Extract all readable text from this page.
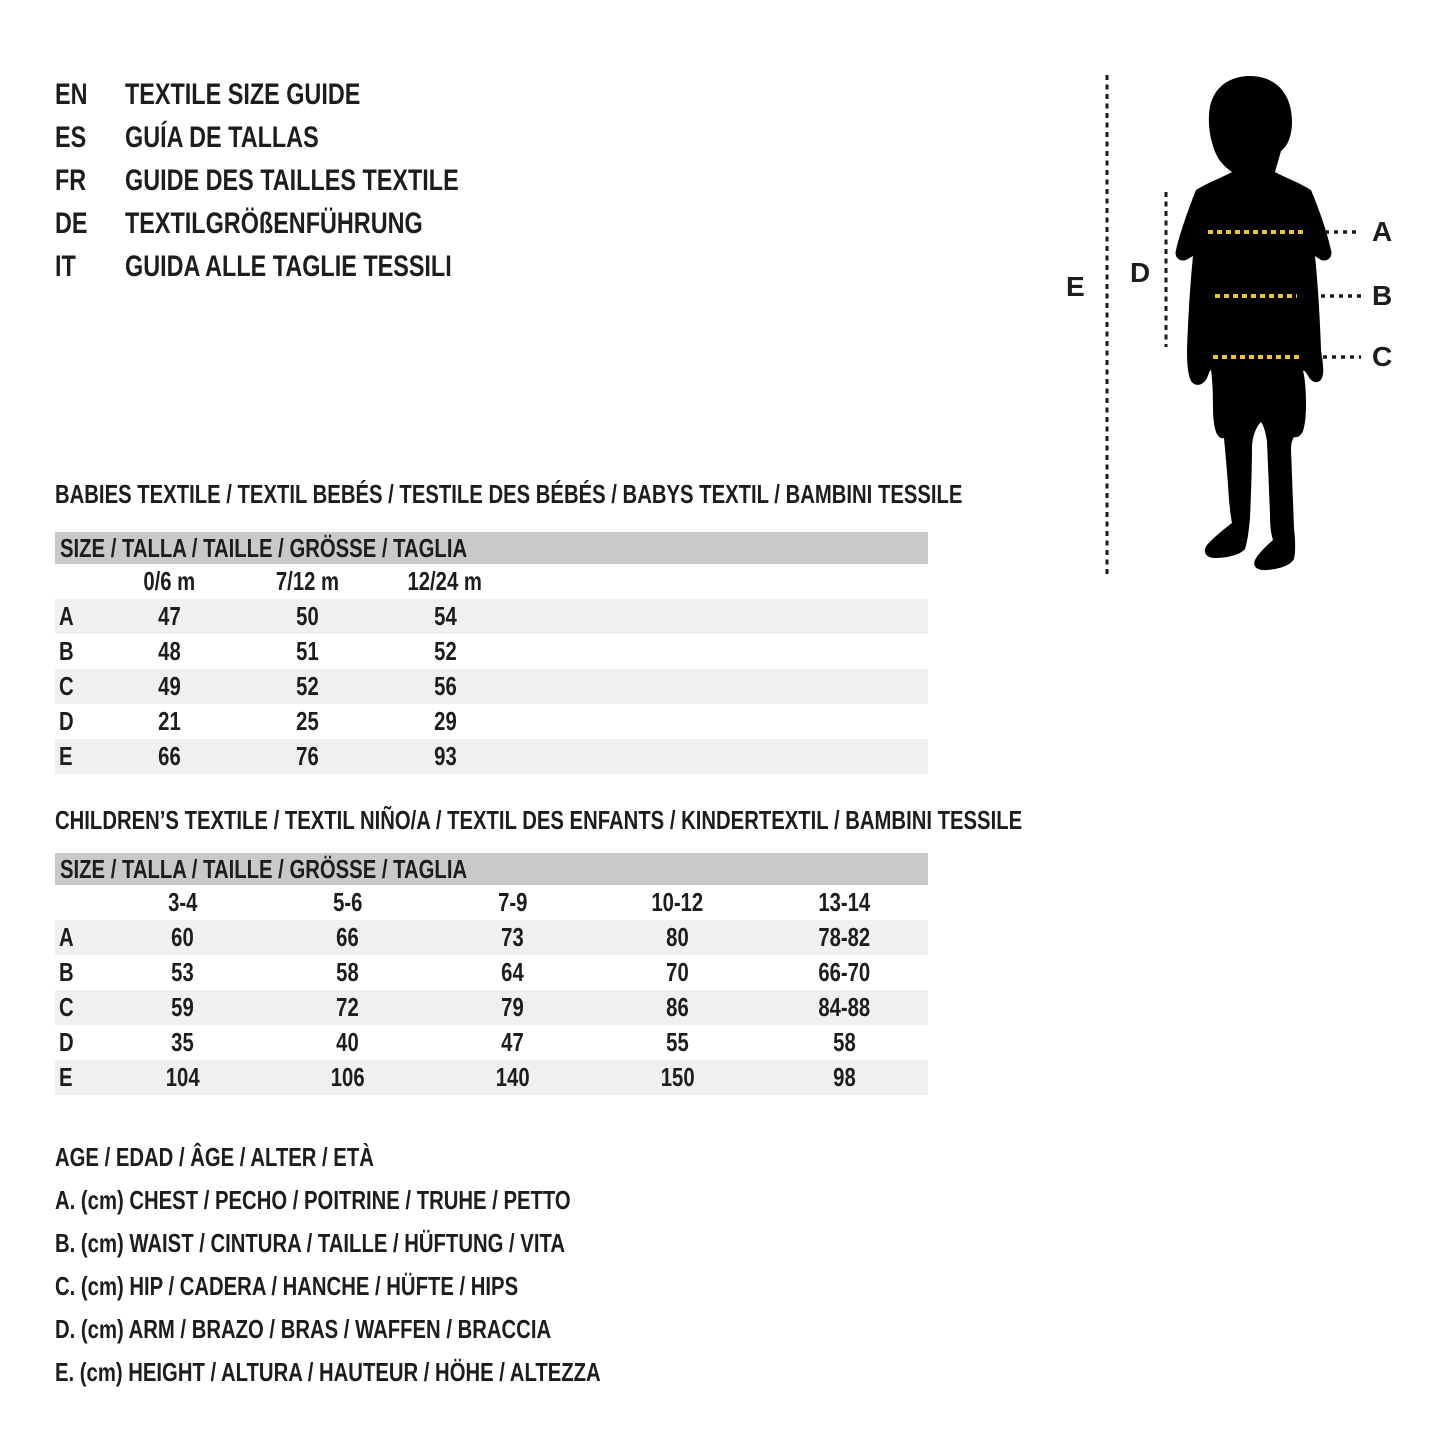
EN	TEXTILE SIZE GUIDE
ES	GUÍA DE TALLAS
FR	GUIDE DES TAILLES TEXTILE
DE	TEXTILGRÖßENFÜHRUNG
IT	GUIDA ALLE TAGLIE TESSILI
A
B
C
D
E
BABIES TEXTILE / TEXTIL BEBÉS / TESTILE DES BÉBÉS / BABYS TEXTIL / BAMBINI TESSILE
SIZE / TALLA / TAILLE / GRÖSSE / TAGLIA
	0/6 m	7/12 m	12/24 m			
A	47	50	54			
B	48	51	52			
C	49	52	56			
D	21	25	29			
E	66	76	93			
CHILDREN’S TEXTILE / TEXTIL NIÑO/A / TEXTIL DES ENFANTS / KINDERTEXTIL / BAMBINI TESSILE
SIZE / TALLA / TAILLE / GRÖSSE / TAGLIA
	3-4	5-6	7-9	10-12	13-14
A	60	66	73	80	78-82
B	53	58	64	70	66-70
C	59	72	79	86	84-88
D	35	40	47	55	58
E	104	106	140	150	98
AGE / EDAD / ÂGE / ALTER / ETÀ
A. (cm) CHEST / PECHO / POITRINE / TRUHE / PETTO
B. (cm) WAIST / CINTURA / TAILLE / HÜFTUNG / VITA
C. (cm) HIP / CADERA / HANCHE / HÜFTE / HIPS
D. (cm) ARM / BRAZO / BRAS / WAFFEN / BRACCIA
E. (cm) HEIGHT / ALTURA / HAUTEUR / HÖHE / ALTEZZA
